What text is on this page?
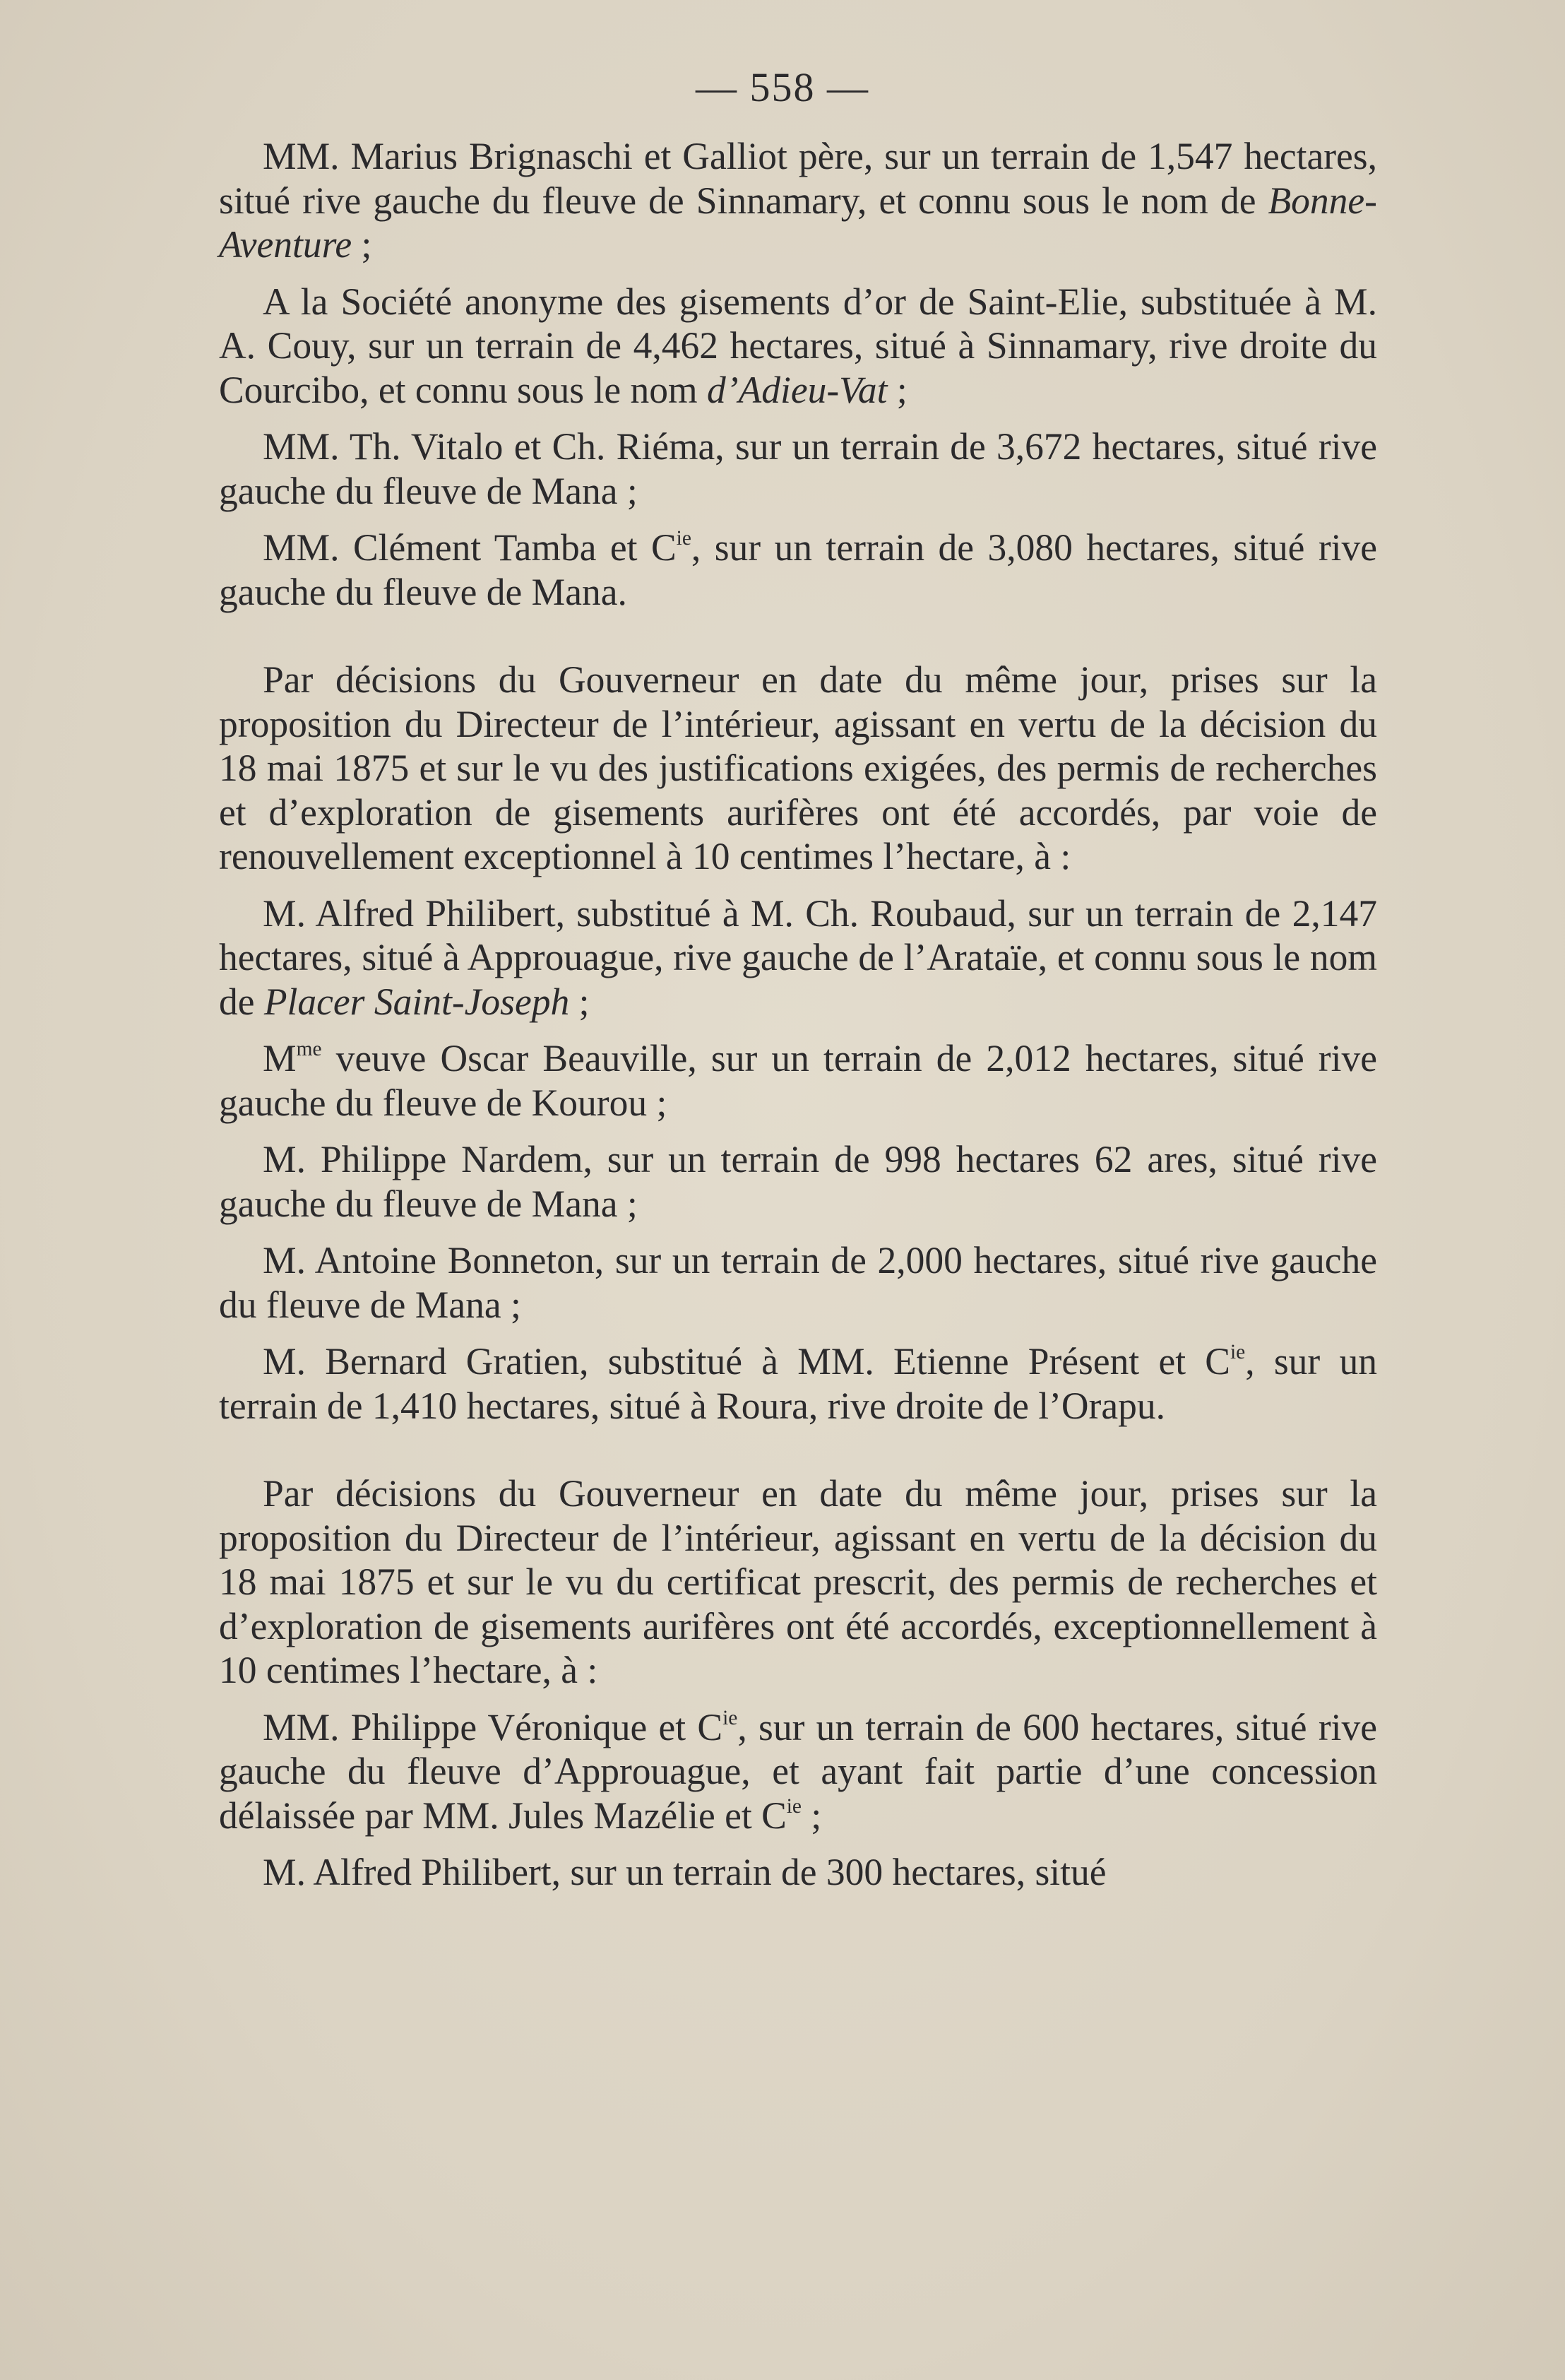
— 558 —

MM. Marius Brignaschi et Galliot père, sur un terrain de 1,547 hectares, situé rive gauche du fleuve de Sinnamary, et connu sous le nom de Bonne-Aventure ;

A la Société anonyme des gisements d’or de Saint-Elie, substituée à M. A. Couy, sur un terrain de 4,462 hectares, situé à Sinnamary, rive droite du Courcibo, et connu sous le nom d’Adieu-Vat ;

MM. Th. Vitalo et Ch. Riéma, sur un terrain de 3,672 hectares, situé rive gauche du fleuve de Mana ;

MM. Clément Tamba et $C^{ie}$, sur un terrain de 3,080 hectares, situé rive gauche du fleuve de Mana.

Par décisions du Gouverneur en date du même jour, prises sur la proposition du Directeur de l’intérieur, agissant en vertu de la décision du 18 mai 1875 et sur le vu des justifications exigées, des permis de recherches et d’exploration de gisements aurifères ont été accordés, par voie de renouvellement exceptionnel à 10 centimes l’hectare, à :

M. Alfred Philibert, substitué à M. Ch. Roubaud, sur un terrain de 2,147 hectares, situé à Approuague, rive gauche de l’Arataïe, et connu sous le nom de Placer Saint-Joseph ;

$M^{me}$ veuve Oscar Beauville, sur un terrain de 2,012 hectares, situé rive gauche du fleuve de Kourou ;

M. Philippe Nardem, sur un terrain de 998 hectares 62 ares, situé rive gauche du fleuve de Mana ;

M. Antoine Bonneton, sur un terrain de 2,000 hectares, situé rive gauche du fleuve de Mana ;

M. Bernard Gratien, substitué à MM. Etienne Présent et $C^{ie}$, sur un terrain de 1,410 hectares, situé à Roura, rive droite de l’Orapu.

Par décisions du Gouverneur en date du même jour, prises sur la proposition du Directeur de l’intérieur, agissant en vertu de la décision du 18 mai 1875 et sur le vu du certificat prescrit, des permis de recherches et d’exploration de gisements aurifères ont été accordés, exceptionnellement à 10 centimes l’hectare, à :

MM. Philippe Véronique et $C^{ie}$, sur un terrain de 600 hectares, situé rive gauche du fleuve d’Approuague, et ayant fait partie d’une concession délaissée par MM. Jules Mazélie et $C^{ie}$ ;

M. Alfred Philibert, sur un terrain de 300 hectares, situé
